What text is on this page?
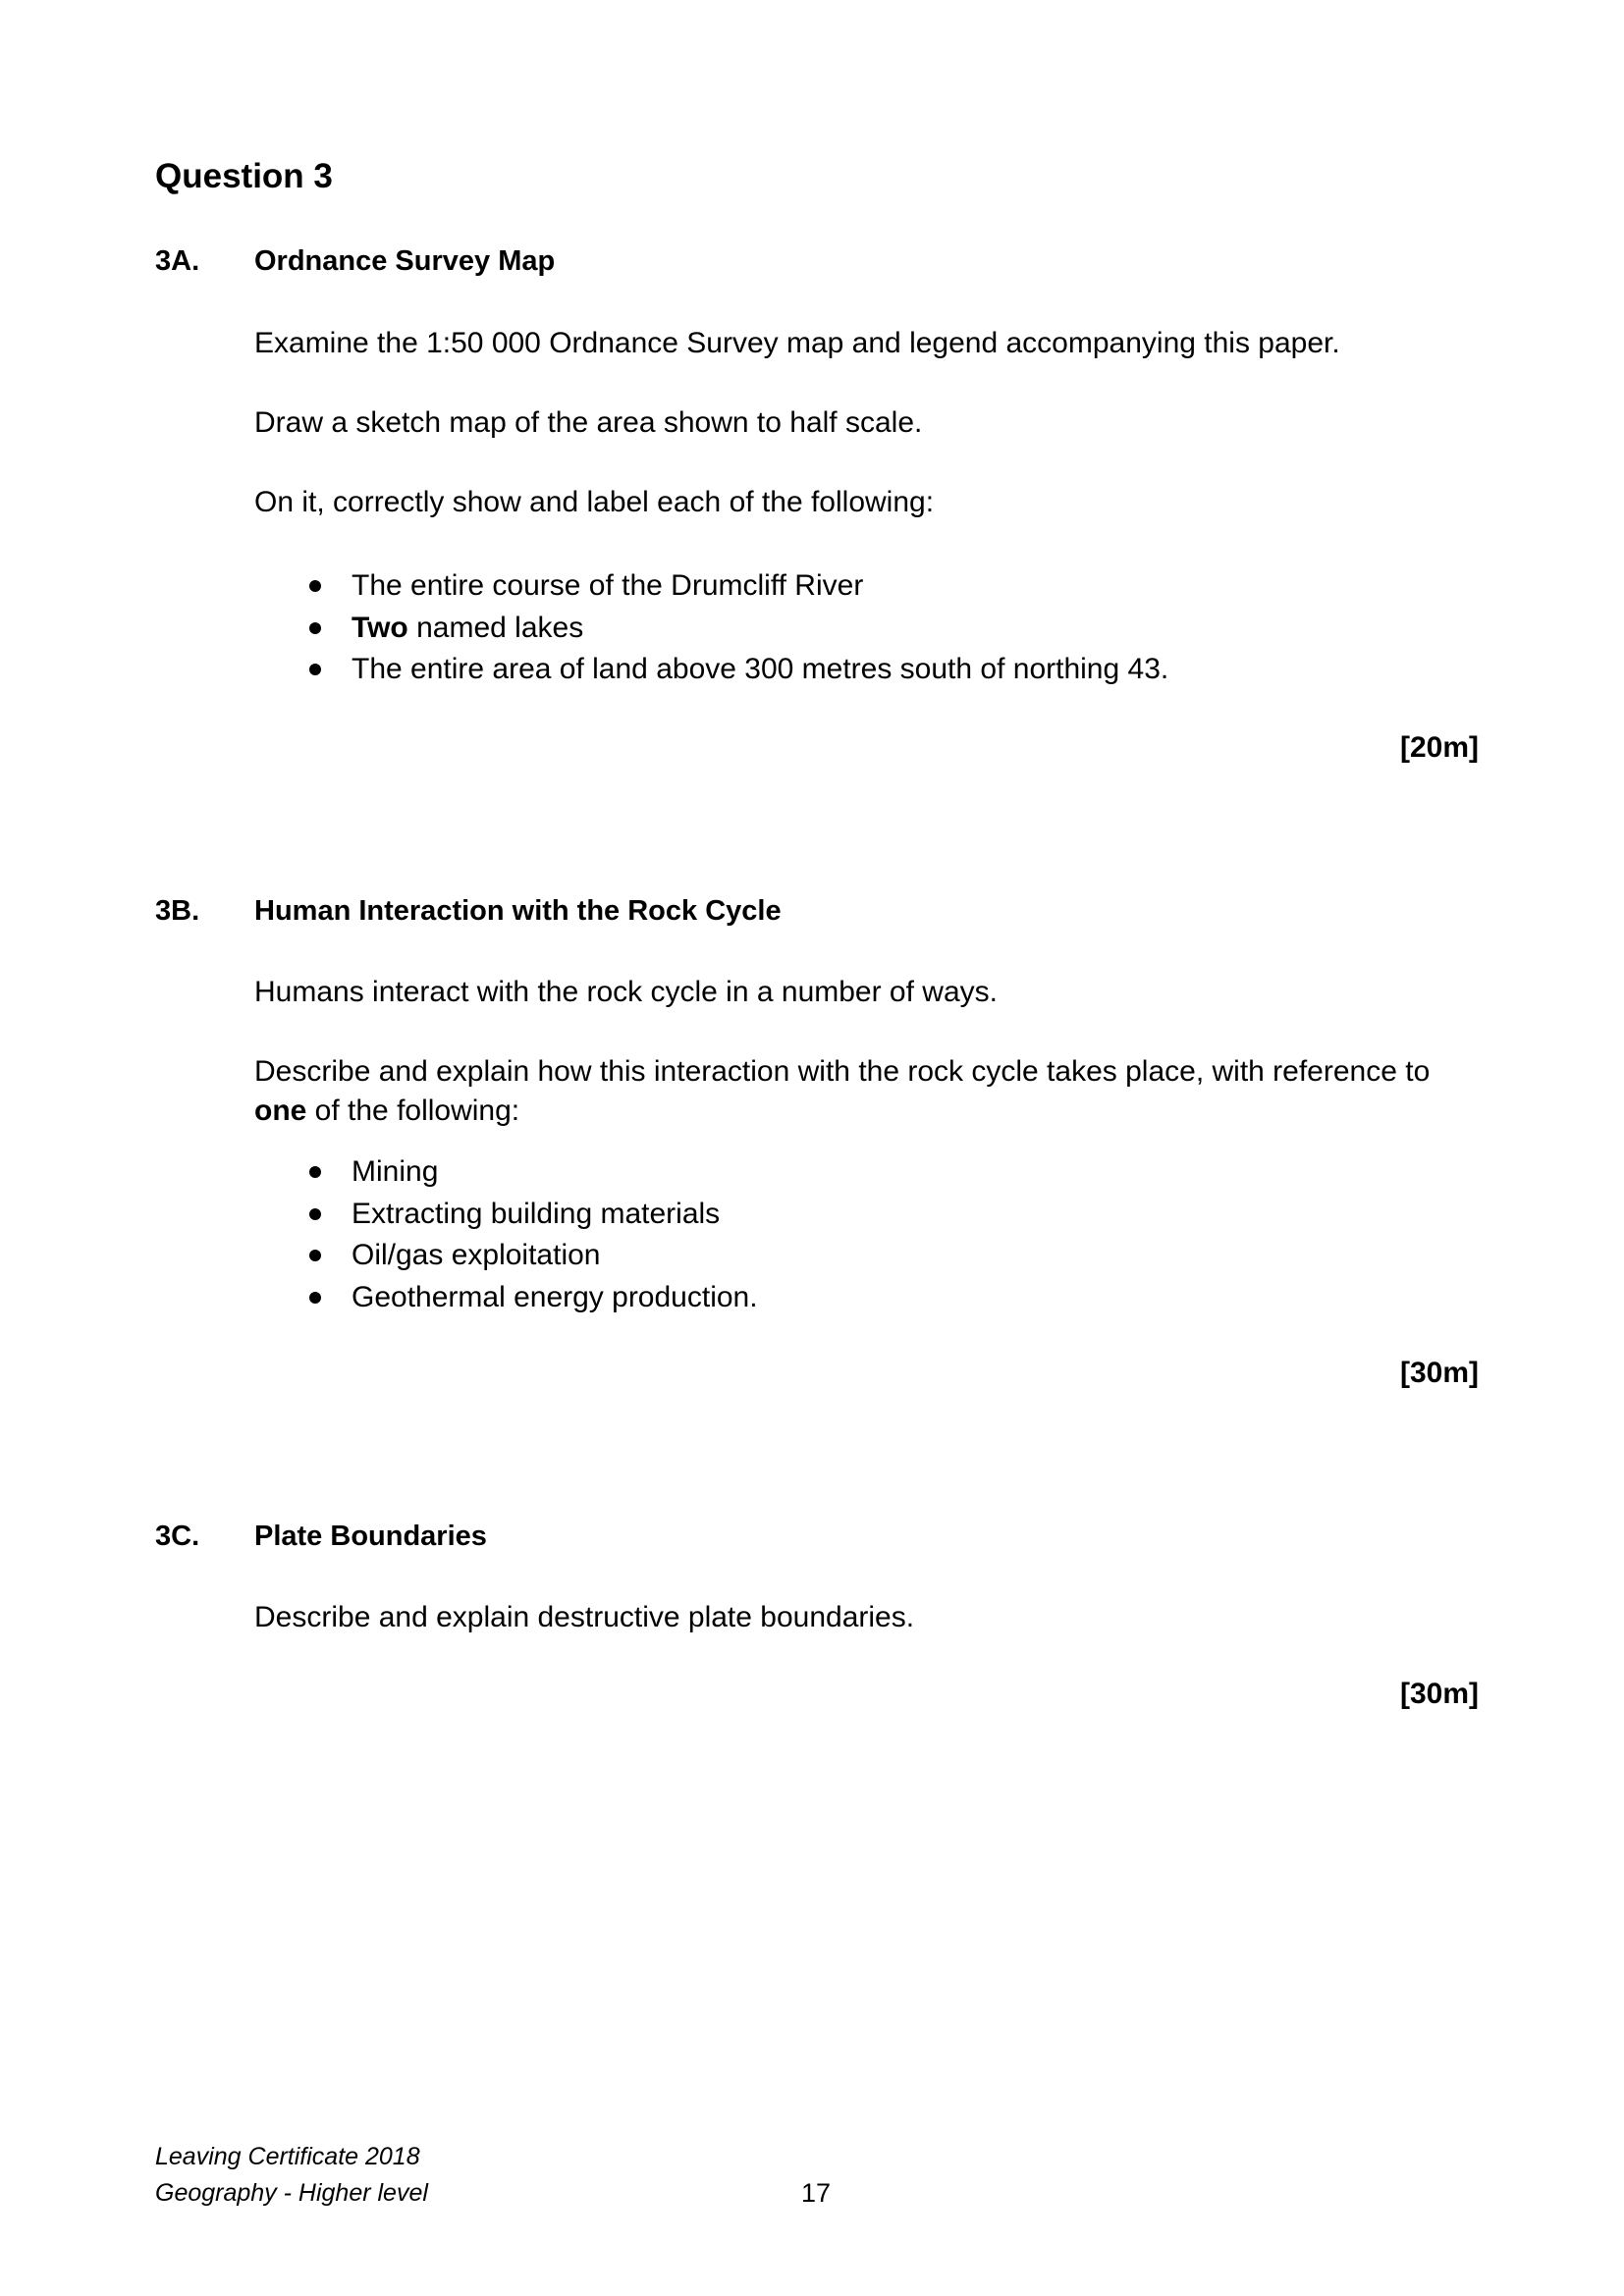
Question 3
3A. Ordnance Survey Map
Examine the 1:50 000 Ordnance Survey map and legend accompanying this paper.
Draw a sketch map of the area shown to half scale.
On it, correctly show and label each of the following:
The entire course of the Drumcliff River
Two named lakes
The entire area of land above 300 metres south of northing 43.
[20m]
3B. Human Interaction with the Rock Cycle
Humans interact with the rock cycle in a number of ways.
Describe and explain how this interaction with the rock cycle takes place, with reference to
one of the following:
Mining
Extracting building materials
Oil/gas exploitation
Geothermal energy production.
[30m]
3C. Plate Boundaries
Describe and explain destructive plate boundaries.
[30m]
Leaving Certificate 2018
Geography - Higher level	17
